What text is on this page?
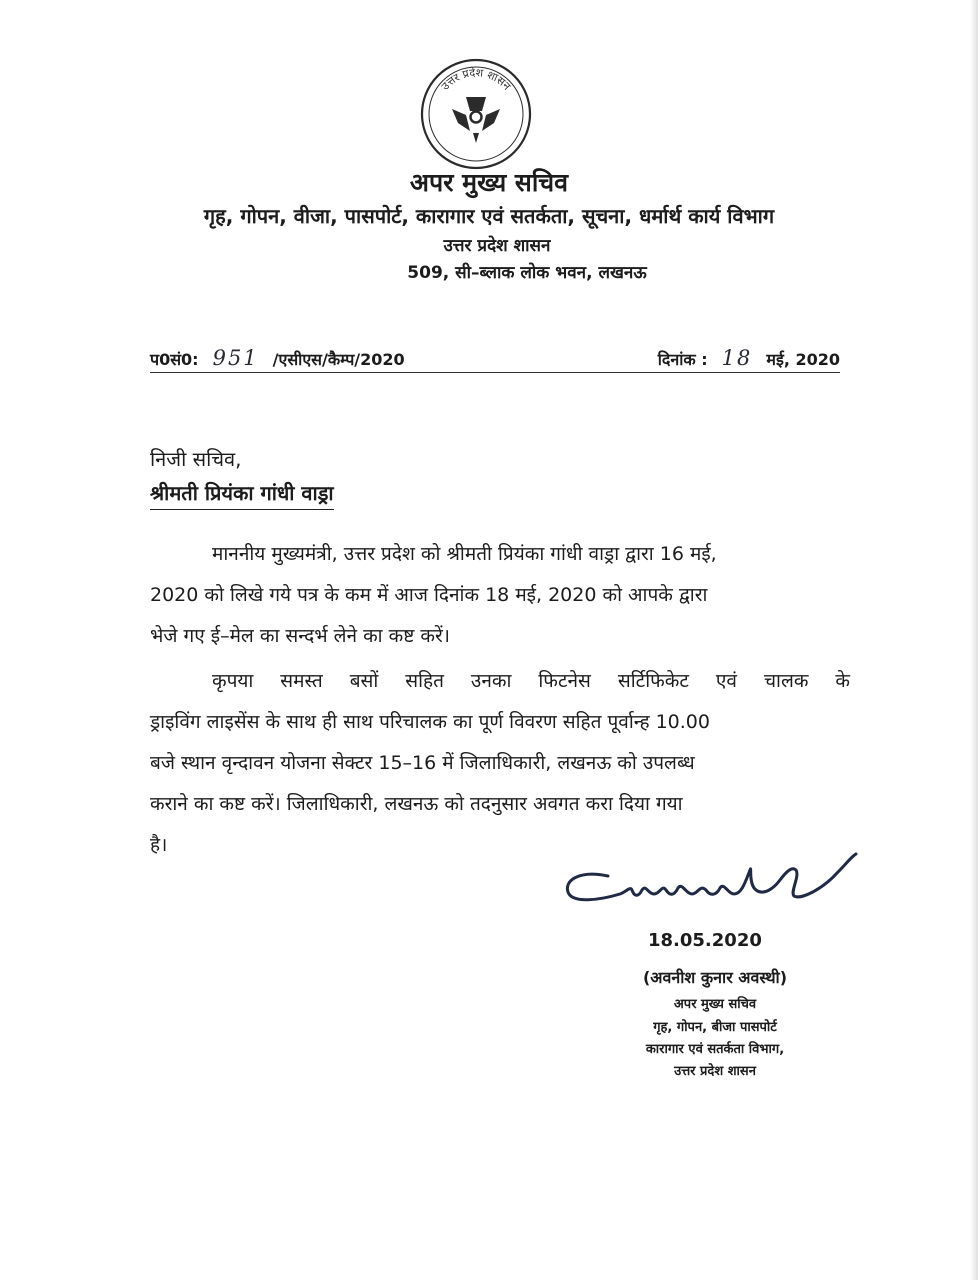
उत्तर प्रदेश शासन
अपर मुख्य सचिव
गृह, गोपन, वीजा, पासपोर्ट, कारागार एवं सतर्कता, सूचना, धर्मार्थ कार्य विभाग
उत्तर प्रदेश शासन
509, सी–ब्लाक लोक भवन, लखनऊ
प0सं0: 951 /एसीएस/कैम्प/2020	दिनांक : 18 मई, 2020
निजी सचिव,
श्रीमती प्रियंका गांधी वाड्रा
माननीय मुख्यमंत्री, उत्तर प्रदेश को श्रीमती प्रियंका गांधी वाड्रा द्वारा 16 मई,
2020 को लिखे गये पत्र के कम में आज दिनांक 18 मई, 2020 को आपके द्वारा
भेजे गए ई–मेल का सन्दर्भ लेने का कष्ट करें।
कृपया समस्त बसों सहित उनका फिटनेस सर्टिफिकेट एवं चालक के
ड्राइविंग लाइसेंस के साथ ही साथ परिचालक का पूर्ण विवरण सहित पूर्वान्ह 10.00
बजे स्थान वृन्दावन योजना सेक्टर 15–16 में जिलाधिकारी, लखनऊ को उपलब्ध
कराने का कष्ट करें। जिलाधिकारी, लखनऊ को तदनुसार अवगत करा दिया गया
है।
18.05.2020
(अवनीश कुनार अवस्थी)
अपर मुख्य सचिव
गृह, गोपन, बीजा पासपोर्ट
कारागार एवं सतर्कता विभाग,
उत्तर प्रदेश शासन
